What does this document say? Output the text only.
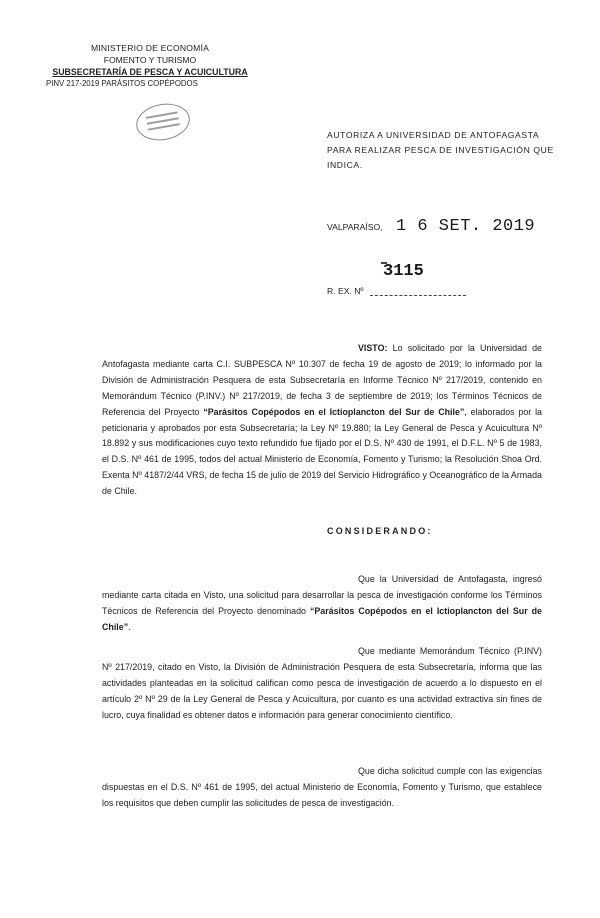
MINISTERIO DE ECONOMÍA
FOMENTO Y TURISMO
SUBSECRETARÍA DE PESCA Y ACUICULTURA
PINV 217-2019 PARÁSITOS COPÉPODOS
AUTORIZA A UNIVERSIDAD DE ANTOFAGASTA PARA REALIZAR PESCA DE INVESTIGACIÓN QUE INDICA.
VALPARAÍSO, 1 6 SET. 2019
3115
R. EX. Nº
VISTO: Lo solicitado por la Universidad de Antofagasta mediante carta C.I. SUBPESCA Nº 10.307 de fecha 19 de agosto de 2019; lo informado por la División de Administración Pesquera de esta Subsecretaría en Informe Técnico Nº 217/2019, contenido en Memorándum Técnico (P.INV.) Nº 217/2019, de fecha 3 de septiembre de 2019; los Términos Técnicos de Referencia del Proyecto “Parásitos Copépodos en el Ictioplancton del Sur de Chile”, elaborados por la peticionaria y aprobados por esta Subsecretaría; la Ley Nº 19.880; la Ley General de Pesca y Acuicultura Nº 18.892 y sus modificaciones cuyo texto refundido fue fijado por el D.S. Nº 430 de 1991, el D.F.L. Nº 5 de 1983, el D.S. Nº 461 de 1995, todos del actual Ministerio de Economía, Fomento y Turismo; la Resolución Shoa Ord. Exenta Nº 4187/2/44 VRS, de fecha 15 de julio de 2019 del Servicio Hidrográfico y Oceanográfico de la Armada de Chile.
CONSIDERANDO:
Que la Universidad de Antofagasta, ingresó mediante carta citada en Visto, una solicitud para desarrollar la pesca de investigación conforme los Términos Técnicos de Referencia del Proyecto denominado “Parásitos Copépodos en el Ictioplancton del Sur de Chile”.
Que mediante Memorándum Técnico (P.INV) Nº 217/2019, citado en Visto, la División de Administración Pesquera de esta Subsecretaría, informa que las actividades planteadas en la solicitud califican como pesca de investigación de acuerdo a lo dispuesto en el artículo 2º Nº 29 de la Ley General de Pesca y Acuicultura, por cuanto es una actividad extractiva sin fines de lucro, cuya finalidad es obtener datos e información para generar conocimiento científico.
Que dicha solicitud cumple con las exigencias dispuestas en el D.S. Nº 461 de 1995, del actual Ministerio de Economía, Fomento y Turismo, que establece los requisitos que deben cumplir las solicitudes de pesca de investigación.
